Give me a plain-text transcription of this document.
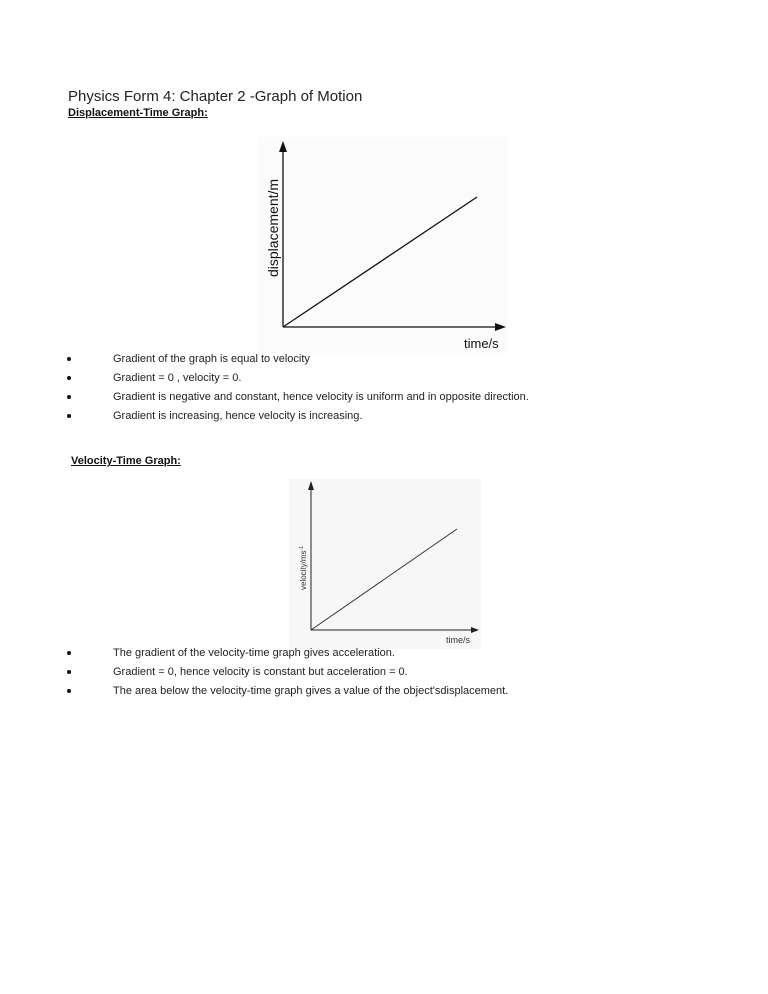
Physics Form 4: Chapter 2 -Graph of Motion
Displacement-Time Graph:
displacement/m
time/s
Gradient of the graph is equal to velocity
Gradient = 0 , velocity = 0.
Gradient is negative and constant, hence velocity is uniform and in opposite direction.
Gradient is increasing, hence velocity is increasing.
Velocity-Time Graph:
velocity/$ms^{-1}$
time/s
The gradient of the velocity-time graph gives acceleration.
Gradient = 0, hence velocity is constant but acceleration = 0.
The area below the velocity-time graph gives a value of the object'sdisplacement.
